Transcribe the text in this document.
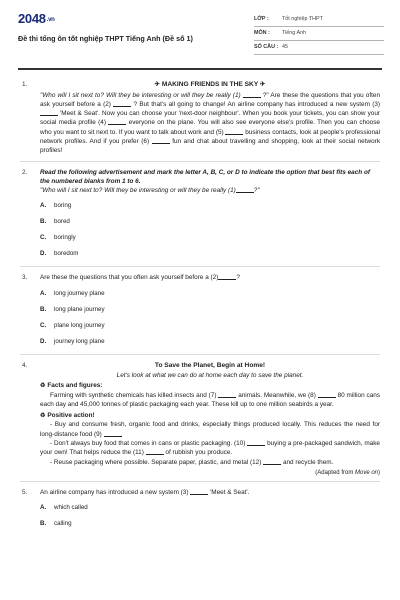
2048.vn
Đề thi tổng ôn tốt nghiệp THPT Tiếng Anh (Đề số 1)
LỚP :	Tốt nghiệp THPT
MÔN :	Tiếng Anh
SỐ CÂU : 45
1.	✈ MAKING FRIENDS IN THE SKY ✈
"Who will I sit next to? Will they be interesting or will they be really (1)	?" Are these the questions that you often ask yourself before a (2)	? But that's all going to change! An airline company has introduced a new system (3)  'Meet & Seat'. Now you can choose your 'next-door neighbour'. When you book your tickets, you can show your social media profile (4)	everyone on the plane. You will also see everyone else's profile. Then you can choose who you want to sit next to. If you want to talk about work and (5)	business contacts, look at people's professional network profiles. And if you prefer (6)	fun and chat about travelling and shopping, look at their social network profiles!
2. Read the following advertisement and mark the letter A, B, C, or D to indicate the option that best fits each of the numbered blanks from 1 to 6.
"Who will I sit next to? Will they be interesting or will they be really (1)	?"
A.	boring
B.	bored
C.	boringly
D.	boredom
3. Are these the questions that you often ask yourself before a (2)	?
A.	long journey plane
B.	long plane journey
C.	plane long journey
D.	journey long plane
4.	To Save the Planet, Begin at Home!
Let's look at what we can do at home each day to save the planet.
♻ Facts and figures:
Farming with synthetic chemicals has killed insects and (7)	animals. Meanwhile, we (8)	80 million cans each day and 45,000 tonnes of plastic packaging each year. These kill up to one million seabirds a year.
♻ Positive action!
- Buy and consume fresh, organic food and drinks, especially things produced locally. This reduces the need for long-distance food (9)
- Don't always buy food that comes in cans or plastic packaging. (10)	buying a pre-packaged sandwich, make your own! That helps reduce the (11)	of rubbish you produce.
- Reuse packaging where possible. Separate paper, plastic, and metal (12)	and recycle them.
(Adapted from Move on)
5. An airline company has introduced a new system (3)	'Meet & Seat'.
A.	which called
B.	calling
